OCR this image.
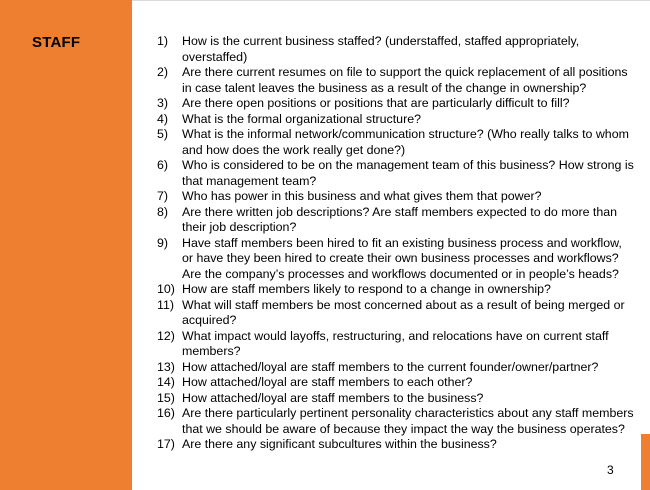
STAFF	1)	How is the current business staffed? (understaffed, staffed appropriately, overstaffed)
2)	Are there current resumes on file to support the quick replacement of all positions in case talent leaves the business as a result of the change in ownership?
3)	Are there open positions or positions that are particularly difficult to fill?
4)	What is the formal organizational structure?
5)	What is the informal network/communication structure? (Who really talks to whom and how does the work really get done?)
6)	Who is considered to be on the management team of this business? How strong is that management team?
7)	Who has power in this business and what gives them that power?
8)	Are there written job descriptions? Are staff members expected to do more than their job description?
9)	Have staff members been hired to fit an existing business process and workflow, or have they been hired to create their own business processes and workflows? Are the company’s processes and workflows documented or in people’s heads?
10) How are staff members likely to respond to a change in ownership?
11) What will staff members be most concerned about as a result of being merged or acquired?
12) What impact would layoffs, restructuring, and relocations have on current staff members?
13) How attached/loyal are staff members to the current founder/owner/partner?
14) How attached/loyal are staff members to each other?
15) How attached/loyal are staff members to the business?
16) Are there particularly pertinent personality characteristics about any staff members that we should be aware of because they impact the way the business operates?
17) Are there any significant subcultures within the business?
3
